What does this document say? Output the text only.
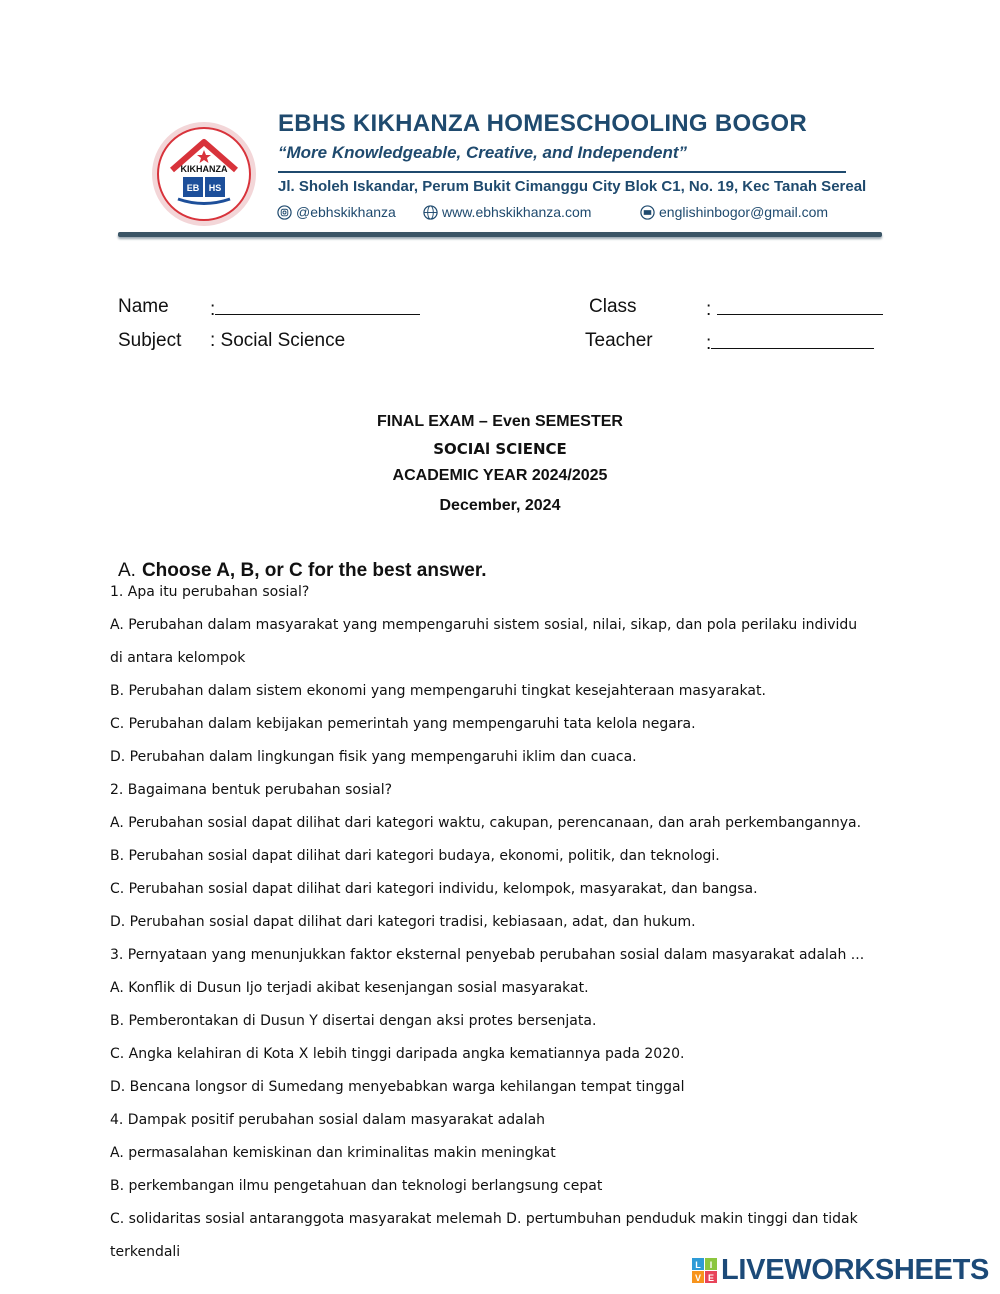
KIKHANZA
EB HS
EBHS KIKHANZA HOMESCHOOLING BOGOR
“More Knowledgeable, Creative, and Independent”
Jl. Sholeh Iskandar, Perum Bukit Cimanggu City Blok C1, No. 19, Kec Tanah Sereal
@ebhskikhanza	www.ebhskikhanza.com	englishinbogor@gmail.com
Name :	Class	:
Subject : Social Science	Teacher	:
FINAL EXAM – Even SEMESTER
SOCIAl SCIENCE
ACADEMIC YEAR 2024/2025
December, 2024
A. Choose A, B, or C for the best answer.
1. Apa itu perubahan sosial?
A. Perubahan dalam masyarakat yang mempengaruhi sistem sosial, nilai, sikap, dan pola perilaku individu
di antara kelompok
B. Perubahan dalam sistem ekonomi yang mempengaruhi tingkat kesejahteraan masyarakat.
C. Perubahan dalam kebijakan pemerintah yang mempengaruhi tata kelola negara.
D. Perubahan dalam lingkungan fisik yang mempengaruhi iklim dan cuaca.
2. Bagaimana bentuk perubahan sosial?
A. Perubahan sosial dapat dilihat dari kategori waktu, cakupan, perencanaan, dan arah perkembangannya.
B. Perubahan sosial dapat dilihat dari kategori budaya, ekonomi, politik, dan teknologi.
C. Perubahan sosial dapat dilihat dari kategori individu, kelompok, masyarakat, dan bangsa.
D. Perubahan sosial dapat dilihat dari kategori tradisi, kebiasaan, adat, dan hukum.
3. Pernyataan yang menunjukkan faktor eksternal penyebab perubahan sosial dalam masyarakat adalah ...
A. Konflik di Dusun Ijo terjadi akibat kesenjangan sosial masyarakat.
B. Pemberontakan di Dusun Y disertai dengan aksi protes bersenjata.
C. Angka kelahiran di Kota X lebih tinggi daripada angka kematiannya pada 2020.
D. Bencana longsor di Sumedang menyebabkan warga kehilangan tempat tinggal
4. Dampak positif perubahan sosial dalam masyarakat adalah
A. permasalahan kemiskinan dan kriminalitas makin meningkat
B. perkembangan ilmu pengetahuan dan teknologi berlangsung cepat
C. solidaritas sosial antaranggota masyarakat melemah D. pertumbuhan penduduk makin tinggi dan tidak
terkendali
L I
V E LIVEWORKSHEETS
